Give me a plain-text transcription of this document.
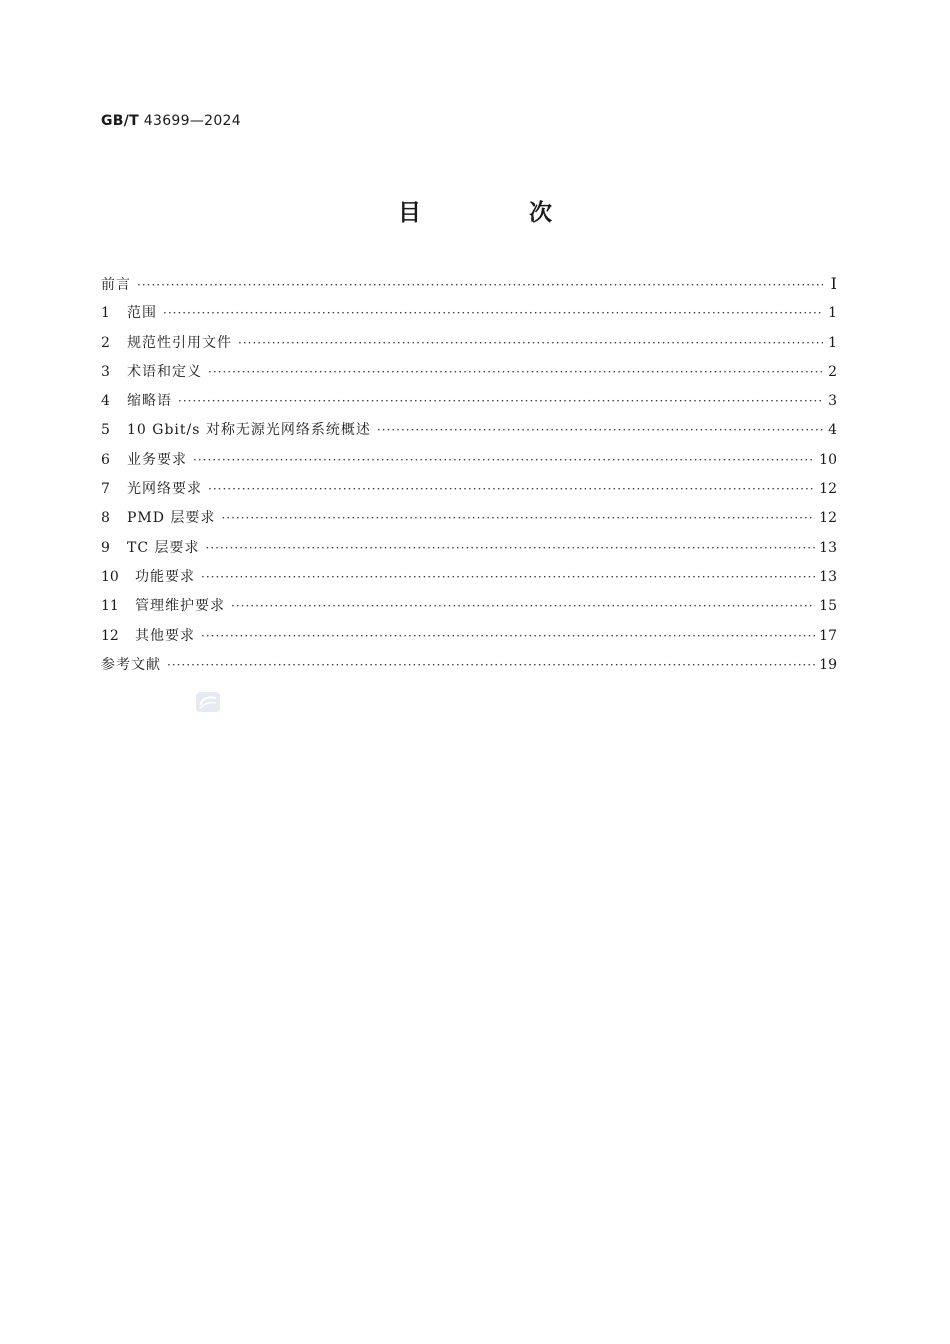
GB/T 43699—2024
目 次
前言 ·····	Ⅰ
1	范围 ·····	1
2	规范性引用文件 ·····	1
3	术语和定义 ·····	2
4	缩略语 ·····	3
5	10 Gbit/s 对称无源光网络系统概述 ·····	4
6	业务要求 ·····	10
7	光网络要求 ·····	12
8	PMD 层要求 ·····	12
9	TC 层要求 ·····	13
10	功能要求 ·····	13
11	管理维护要求 ·····	15
12	其他要求 ·····	17
参考文献 ·····	19
